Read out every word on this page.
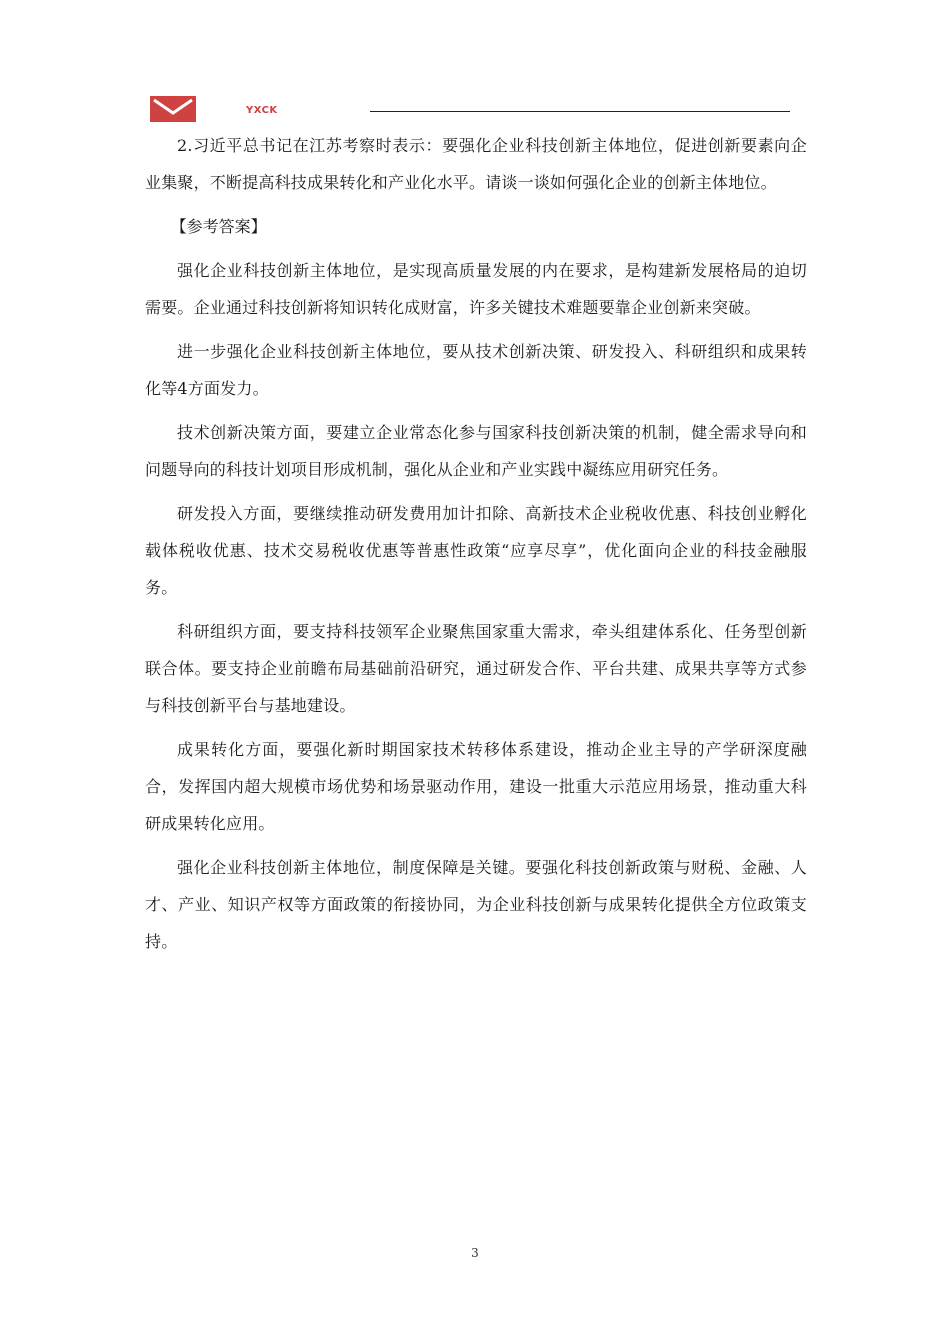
YXCK

2.习近平总书记在江苏考察时表示：要强化企业科技创新主体地位，促进创新要素向企业集聚，不断提高科技成果转化和产业化水平。请谈一谈如何强化企业的创新主体地位。

【参考答案】

强化企业科技创新主体地位，是实现高质量发展的内在要求，是构建新发展格局的迫切需要。企业通过科技创新将知识转化成财富，许多关键技术难题要靠企业创新来突破。

进一步强化企业科技创新主体地位，要从技术创新决策、研发投入、科研组织和成果转化等4方面发力。

技术创新决策方面，要建立企业常态化参与国家科技创新决策的机制，健全需求导向和问题导向的科技计划项目形成机制，强化从企业和产业实践中凝练应用研究任务。

研发投入方面，要继续推动研发费用加计扣除、高新技术企业税收优惠、科技创业孵化载体税收优惠、技术交易税收优惠等普惠性政策“应享尽享”，优化面向企业的科技金融服务。

科研组织方面，要支持科技领军企业聚焦国家重大需求，牵头组建体系化、任务型创新联合体。要支持企业前瞻布局基础前沿研究，通过研发合作、平台共建、成果共享等方式参与科技创新平台与基地建设。

成果转化方面，要强化新时期国家技术转移体系建设，推动企业主导的产学研深度融合，发挥国内超大规模市场优势和场景驱动作用，建设一批重大示范应用场景，推动重大科研成果转化应用。

强化企业科技创新主体地位，制度保障是关键。要强化科技创新政策与财税、金融、人才、产业、知识产权等方面政策的衔接协同，为企业科技创新与成果转化提供全方位政策支持。

3
